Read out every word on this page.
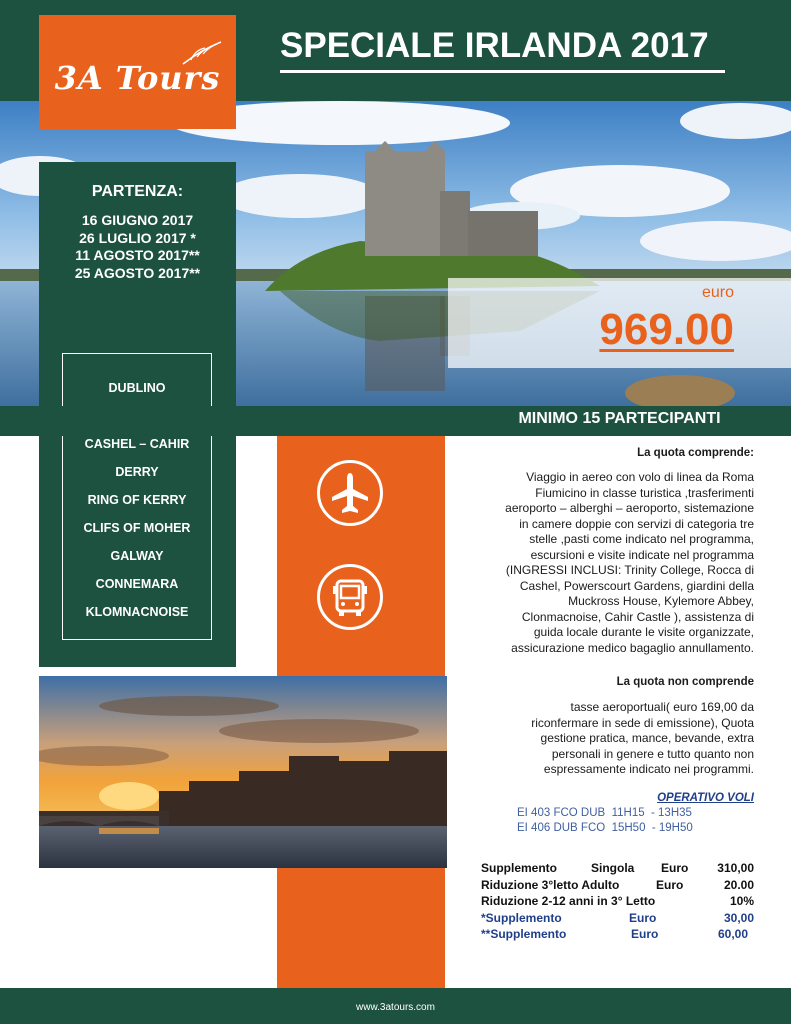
3A Tours
SPECIALE IRLANDA 2017
PARTENZA:
16 GIUGNO 2017
26 LUGLIO 2017 *
11 AGOSTO 2017**
25 AGOSTO 2017**
DUBLINO
CASHEL – CAHIR
DERRY
RING OF KERRY
CLIFS OF MOHER
GALWAY
CONNEMARA
KLOMNACNOISE
euro
969.00
MINIMO 15 PARTECIPANTI
La quota comprende:
Viaggio in aereo con volo di linea da Roma
Fiumicino in classe turistica ,trasferimenti
aeroporto – alberghi – aeroporto, sistemazione
in camere doppie con servizi di categoria tre
stelle ,pasti come indicato nel programma,
escursioni e visite indicate nel programma
(INGRESSI INCLUSI: Trinity College, Rocca di
Cashel, Powerscourt Gardens, giardini della
Muckross House, Kylemore Abbey,
Clonmacnoise, Cahir Castle ), assistenza di
guida locale durante le visite organizzate,
assicurazione medico bagaglio annullamento.
La quota non comprende
tasse aeroportuali( euro 169,00 da
riconfermare in sede di emissione), Quota
gestione pratica, mance, bevande, extra
personali in genere e tutto quanto non
espressamente indicato nei programmi.
OPERATIVO VOLI
EI 403 FCO DUB  11H15  - 13H35
EI 406 DUB FCO  15H50  - 19H50
Supplemento	Singola Euro 310,00
Riduzione 3°letto Adulto	Euro	20.00
Riduzione 2-12 anni in 3° Letto	10%
*Supplemento	Euro	30,00
**Supplemento	Euro	60,00
www.3atours.com
